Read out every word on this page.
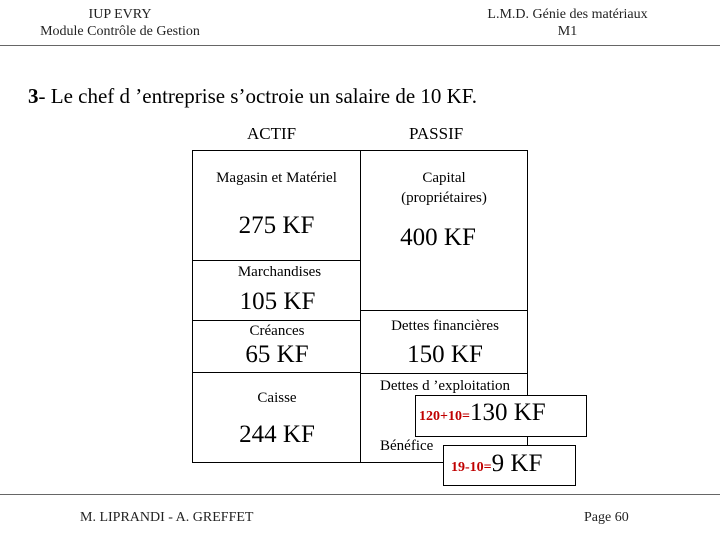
IUP EVRY
Module Contrôle de Gestion
L.M.D. Génie des matériaux
M1
3- Le chef d ’entreprise s’octroie un salaire de 10 KF.
ACTIF	PASSIF
Magasin et Matériel
275 KF
Marchandises
105 KF
Créances
65 KF
Caisse
244 KF
Capital
(propriétaires)
400 KF
Dettes financières
150 KF
Dettes d ’exploitation
120+10=130 KF
Bénéfice
19-10=9 KF
M. LIPRANDI - A. GREFFET	Page 60
